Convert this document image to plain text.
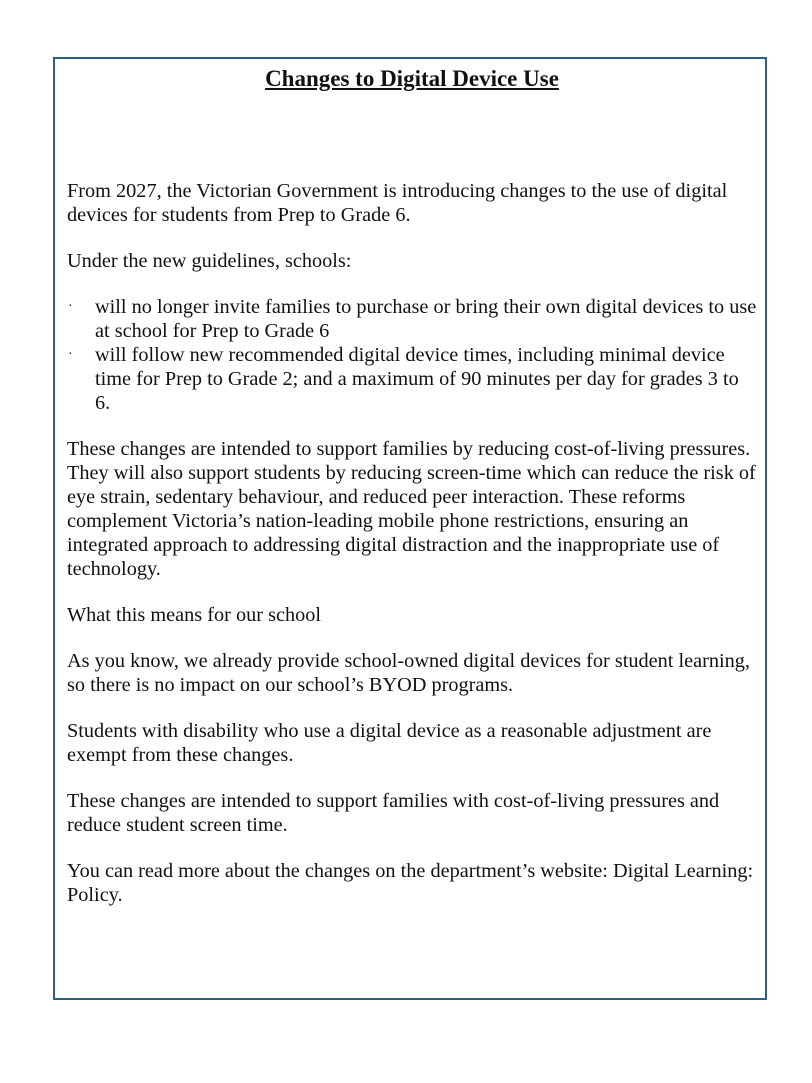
Changes to Digital Device Use

From 2027, the Victorian Government is introducing changes to the use of digital devices for students from Prep to Grade 6.

Under the new guidelines, schools:

· will no longer invite families to purchase or bring their own digital devices to use at school for Prep to Grade 6
· will follow new recommended digital device times, including minimal device time for Prep to Grade 2; and a maximum of 90 minutes per day for grades 3 to 6.

These changes are intended to support families by reducing cost-of-living pressures. They will also support students by reducing screen-time which can reduce the risk of eye strain, sedentary behaviour, and reduced peer interaction. These reforms complement Victoria’s nation-leading mobile phone restrictions, ensuring an integrated approach to addressing digital distraction and the inappropriate use of technology.

What this means for our school

As you know, we already provide school-owned digital devices for student learning, so there is no impact on our school’s BYOD programs.

Students with disability who use a digital device as a reasonable adjustment are exempt from these changes.

These changes are intended to support families with cost-of-living pressures and reduce student screen time.

You can read more about the changes on the department’s website: Digital Learning: Policy.
